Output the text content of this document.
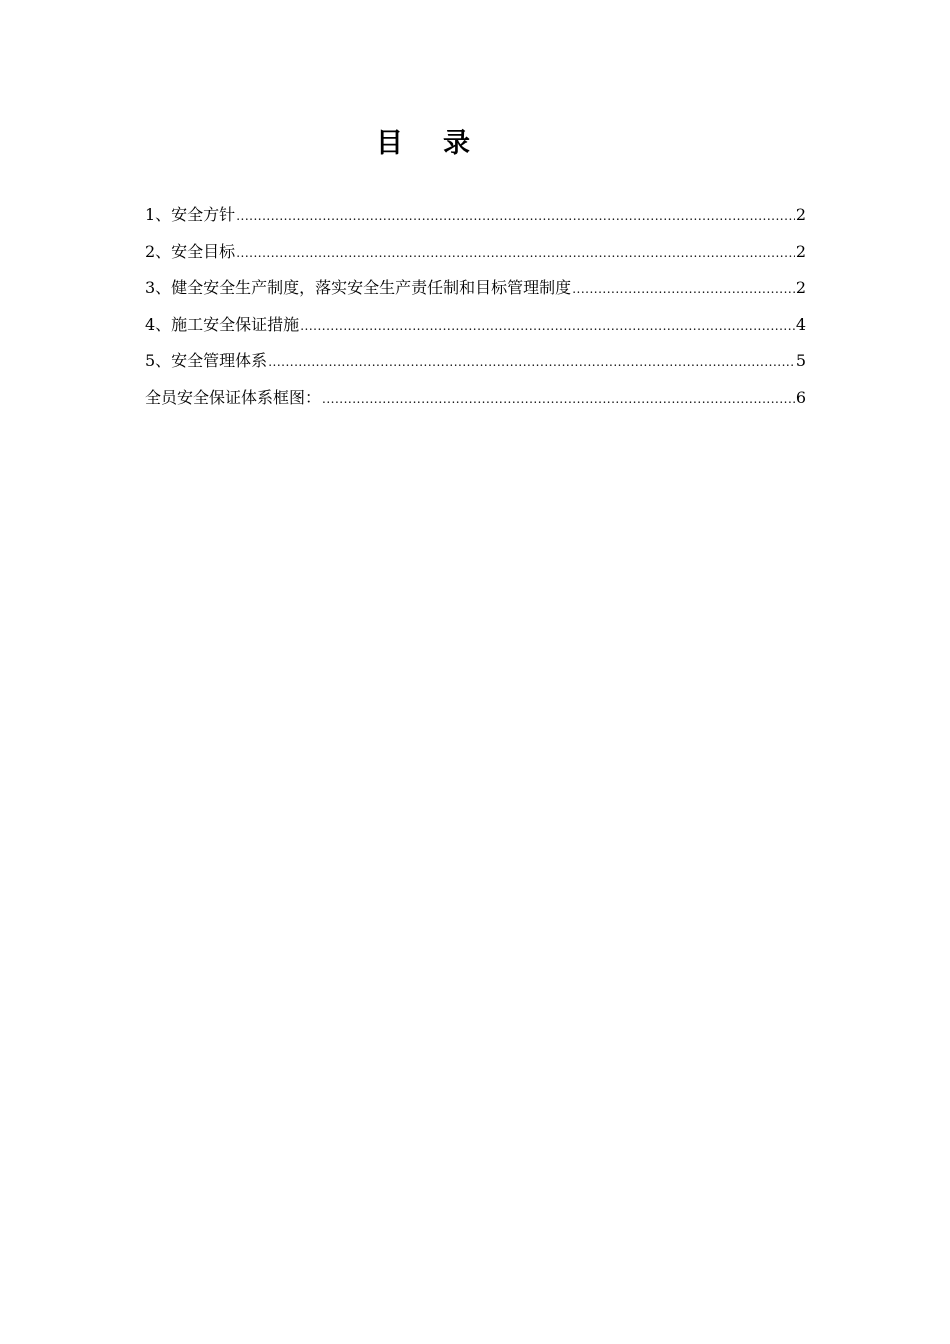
目录
1、安全方针 .....	2
2、安全目标 .....	2
3、健全安全生产制度，落实安全生产责任制和目标管理制度 .....	2
4、施工安全保证措施 .....	4
5、安全管理体系 .....	5
全员安全保证体系框图： .....	6
